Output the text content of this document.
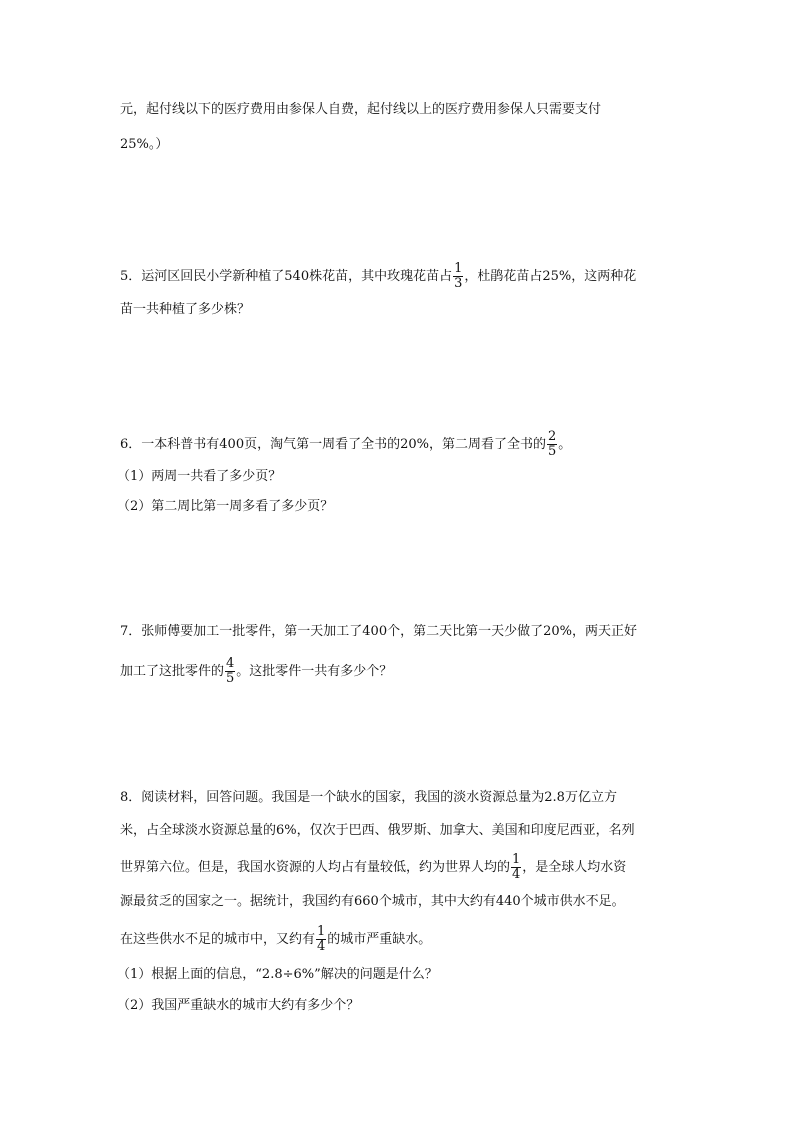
元，起付线以下的医疗费用由参保人自费，起付线以上的医疗费用参保人只需要支付
25%。）
5．运河区回民小学新种植了540株花苗，其中玫瑰花苗占 $\frac{1}{3}$ ，杜鹃花苗占25%，这两种花
苗一共种植了多少株？
6．一本科普书有400页，淘气第一周看了全书的20%，第二周看了全书的 $\frac{2}{5}$ 。
（1）两周一共看了多少页？
（2）第二周比第一周多看了多少页？
7．张师傅要加工一批零件，第一天加工了400个，第二天比第一天少做了20%，两天正好
加工了这批零件的 $\frac{4}{5}$ 。这批零件一共有多少个？
8．阅读材料，回答问题。我国是一个缺水的国家，我国的淡水资源总量为2.8万亿立方
米，占全球淡水资源总量的6%，仅次于巴西、俄罗斯、加拿大、美国和印度尼西亚，名列
世界第六位。但是，我国水资源的人均占有量较低，约为世界人均的 $\frac{1}{4}$ ，是全球人均水资
源最贫乏的国家之一。据统计，我国约有660个城市，其中大约有440个城市供水不足。
在这些供水不足的城市中，又约有 $\frac{1}{4}$ 的城市严重缺水。
（1）根据上面的信息，“2.8÷6%”解决的问题是什么？
（2）我国严重缺水的城市大约有多少个？
